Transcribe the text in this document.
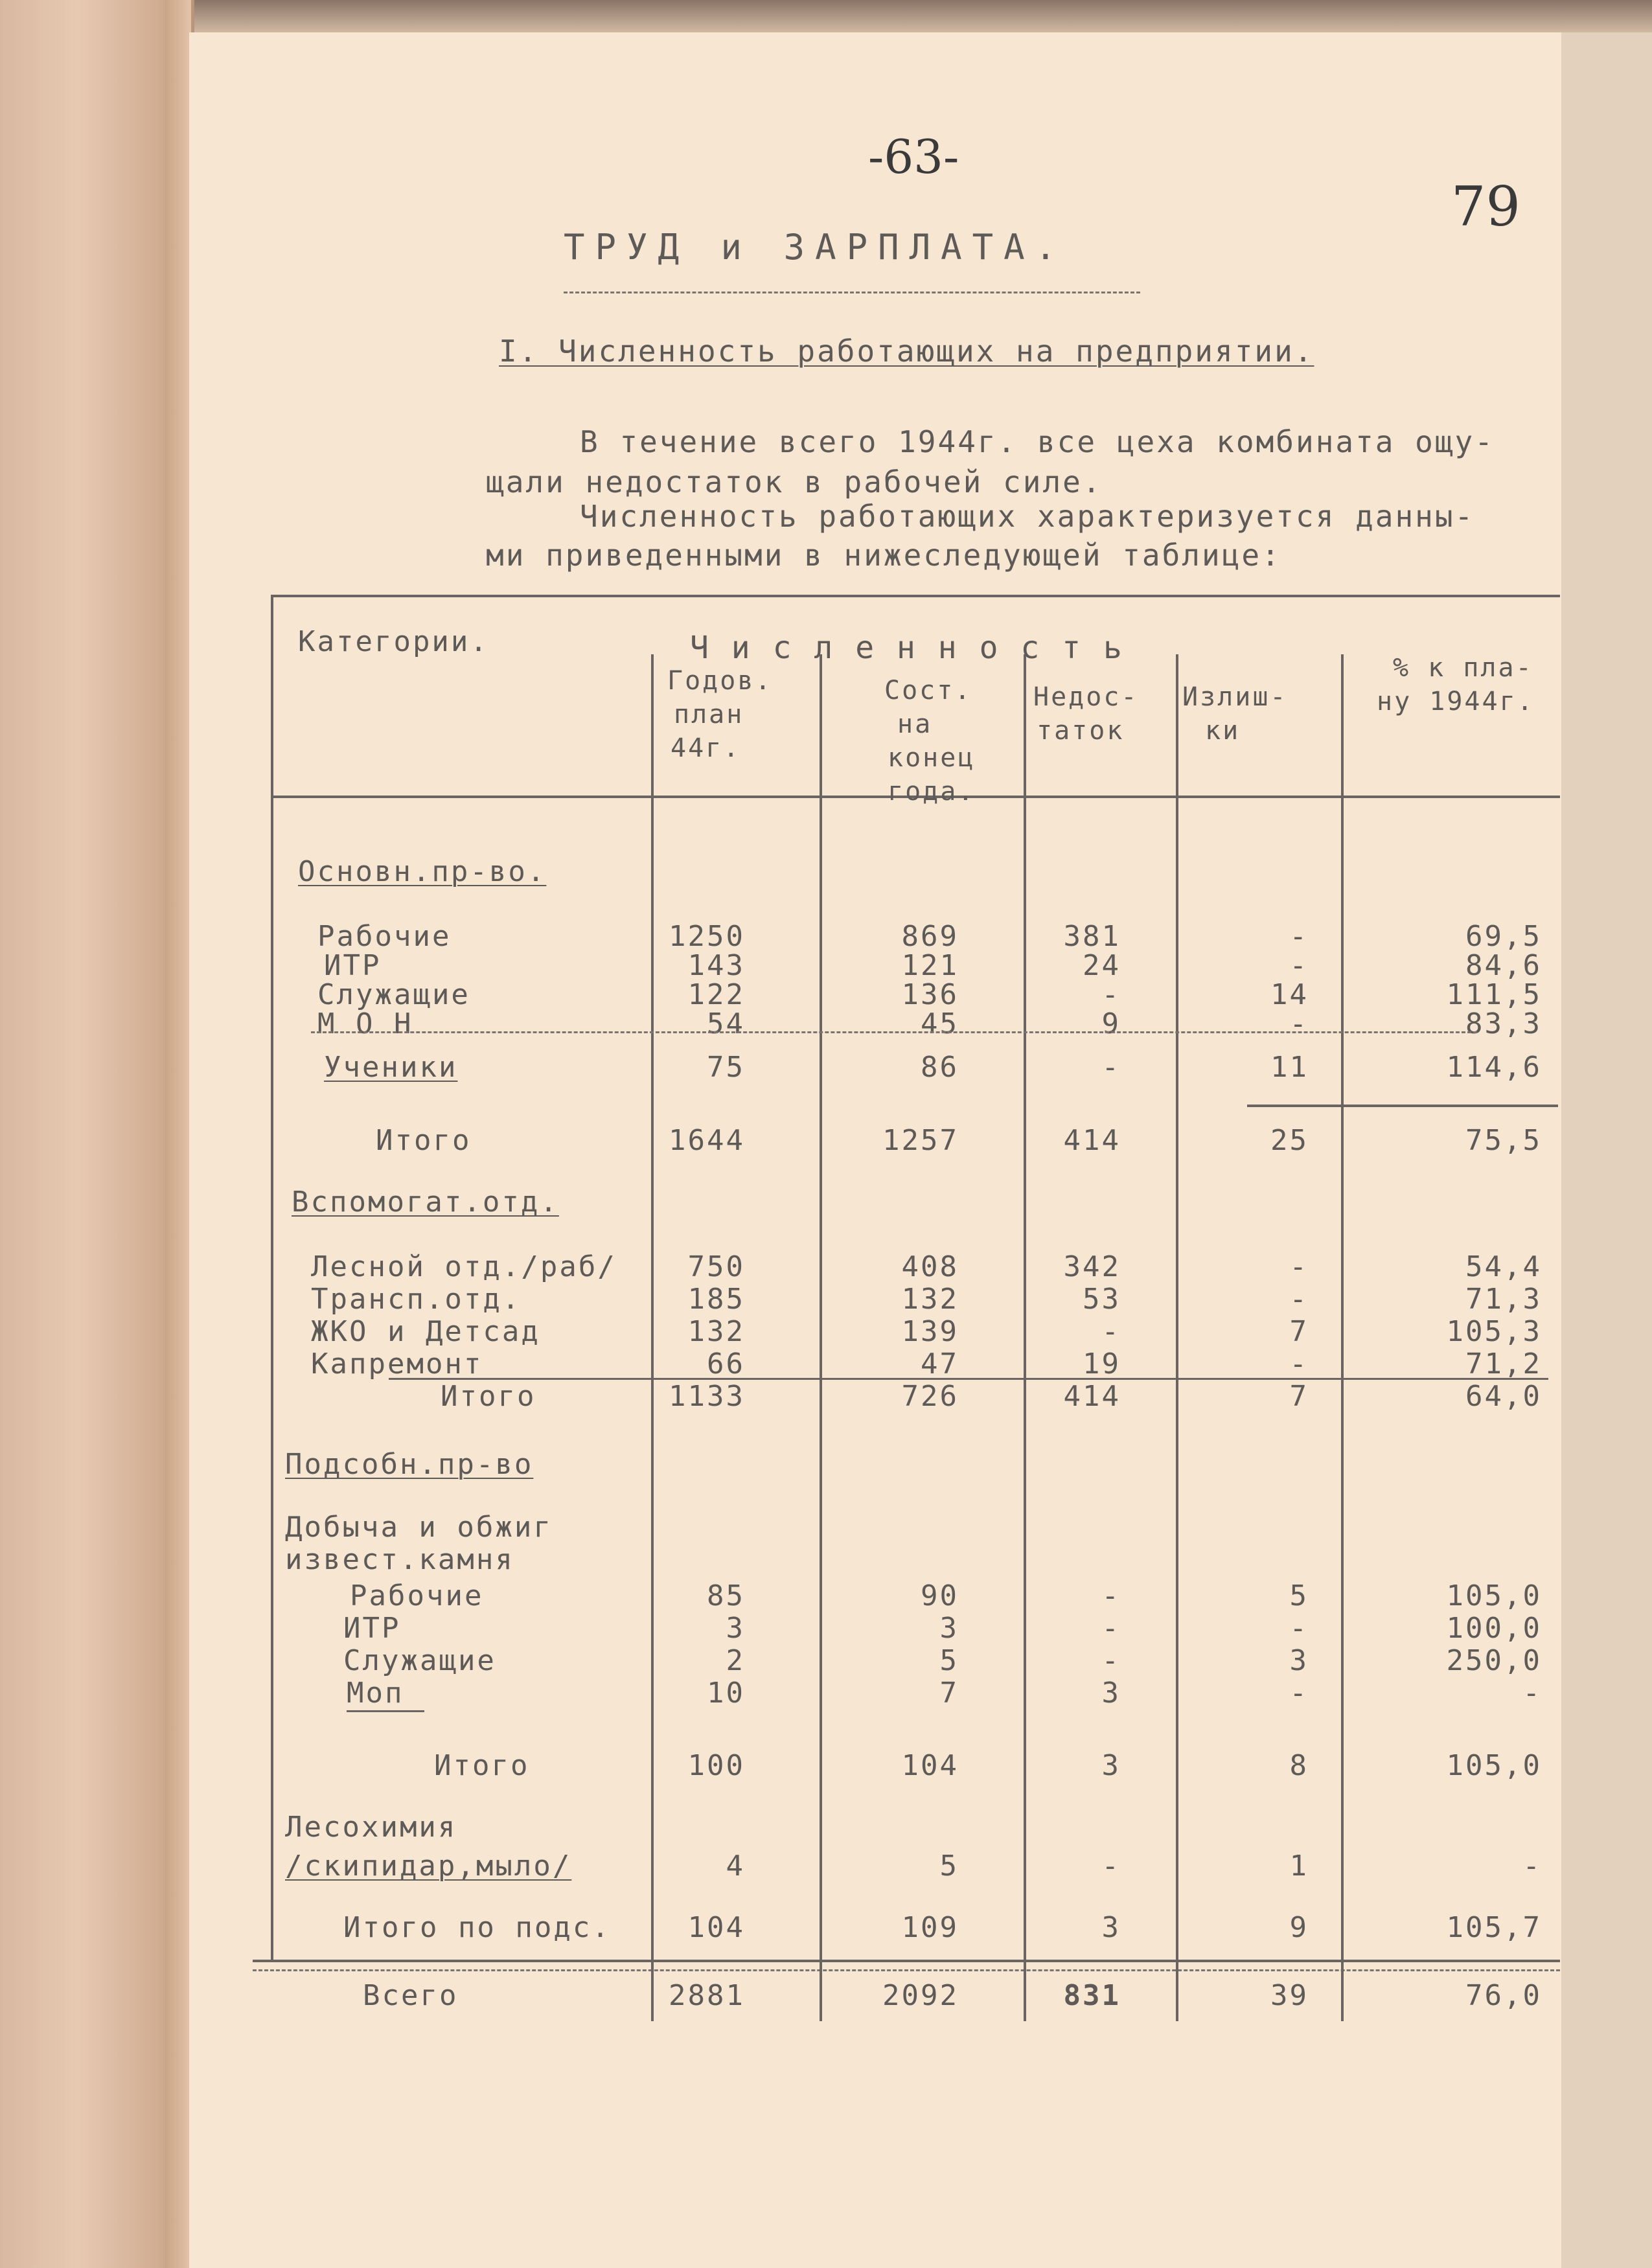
-63-
79
ТРУД и ЗАРПЛАТА.
I. Численность работающих на предприятии.
В течение всего 1944г. все цеха комбината ощу-
щали недостаток в рабочей силе.
Численность работающих характеризуется данны-
ми приведенными в нижеследующей таблице:
Категории.	Ч и с л е н н о с т ь
Годов.
план
44г.
Сост.
на
конец
года.
Недос-
таток
Излиш-
ки
% к пла-
ну 1944г.
Основн.пр-во.
Рабочие	1250	869	381	-	69,5
ИТР	143	121	24	-	84,6
Служащие	122	136	-	14	111,5
М О Н	54	45	9	-	83,3
Ученики	75	86	-	11	114,6
Итого	1644	1257	414	25	75,5
Вспомогат.отд.
Лесной отд./раб/	750	408	342	-	54,4
Трансп.отд.	185	132	53	-	71,3
ЖКО и Детсад	132	139	-	7	105,3
Капремонт	66	47	19	-	71,2
Итого	1133	726	414	7	64,0
Подсобн.пр-во
Добыча и обжиг
извест.камня
Рабочие	85	90	-	5	105,0
ИТР	3	3	-	-	100,0
Служащие	2	5	-	3	250,0
Моп	10	7	3	-	-
Итого	100	104	3	8	105,0
Лесохимия
/скипидар,мыло/	4	5	-	1	-
Итого по подс.	104	109	3	9	105,7
Всего	2881	2092	831	39	76,0
